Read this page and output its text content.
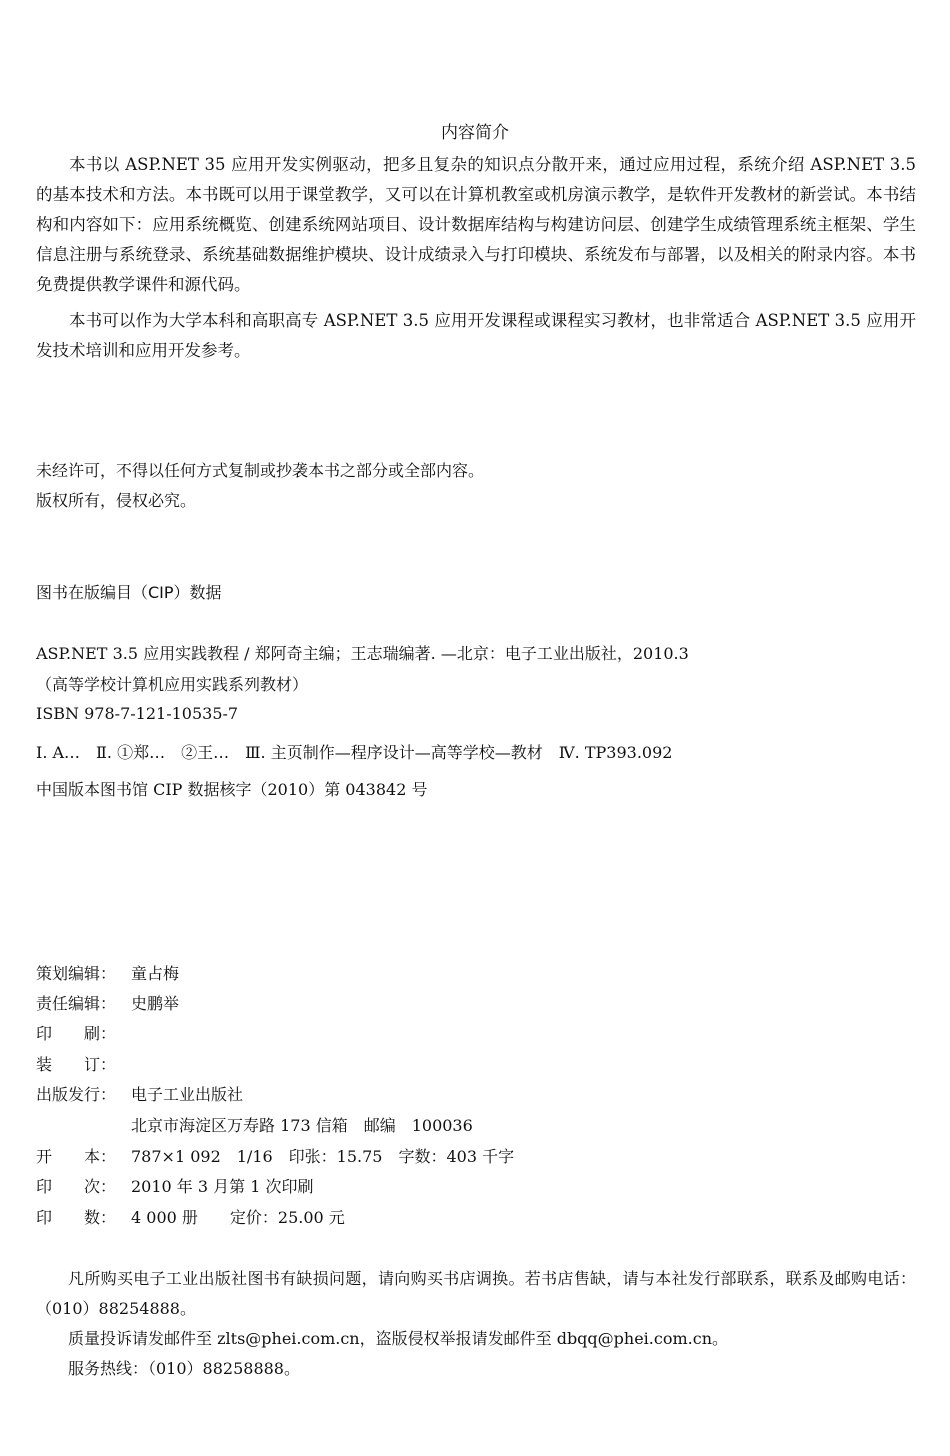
内容简介
本书以 ASP.NET 35 应用开发实例驱动，把多且复杂的知识点分散开来，通过应用过程，系统介绍 ASP.NET 3.5 的基本技术和方法。本书既可以用于课堂教学，又可以在计算机教室或机房演示教学，是软件开发教材的新尝试。本书结构和内容如下：应用系统概览、创建系统网站项目、设计数据库结构与构建访问层、创建学生成绩管理系统主框架、学生信息注册与系统登录、系统基础数据维护模块、设计成绩录入与打印模块、系统发布与部署，以及相关的附录内容。本书免费提供教学课件和源代码。
本书可以作为大学本科和高职高专 ASP.NET 3.5 应用开发课程或课程实习教材，也非常适合 ASP.NET 3.5 应用开发技术培训和应用开发参考。
未经许可，不得以任何方式复制或抄袭本书之部分或全部内容。
版权所有，侵权必究。
图书在版编目（CIP）数据
ASP.NET 3.5 应用实践教程 / 郑阿奇主编；王志瑞编著. —北京：电子工业出版社，2010.3
（高等学校计算机应用实践系列教材）
ISBN 978-7-121-10535-7
Ⅰ. A…　Ⅱ. ①郑…　②王…　Ⅲ. 主页制作—程序设计—高等学校—教材　Ⅳ. TP393.092
中国版本图书馆 CIP 数据核字（2010）第 043842 号
策划编辑： 童占梅
责任编辑： 史鹏举
印　　刷：
装　　订：
出版发行： 电子工业出版社
北京市海淀区万寿路 173 信箱　邮编　100036
开　　本： 787×1 092　1/16　印张：15.75　字数：403 千字
印　　次： 2010 年 3 月第 1 次印刷
印　　数： 4 000 册　　定价：25.00 元
凡所购买电子工业出版社图书有缺损问题，请向购买书店调换。若书店售缺，请与本社发行部联系，联系及邮购电话：（010）88254888。
质量投诉请发邮件至 zlts@phei.com.cn，盗版侵权举报请发邮件至 dbqq@phei.com.cn。
服务热线：（010）88258888。
